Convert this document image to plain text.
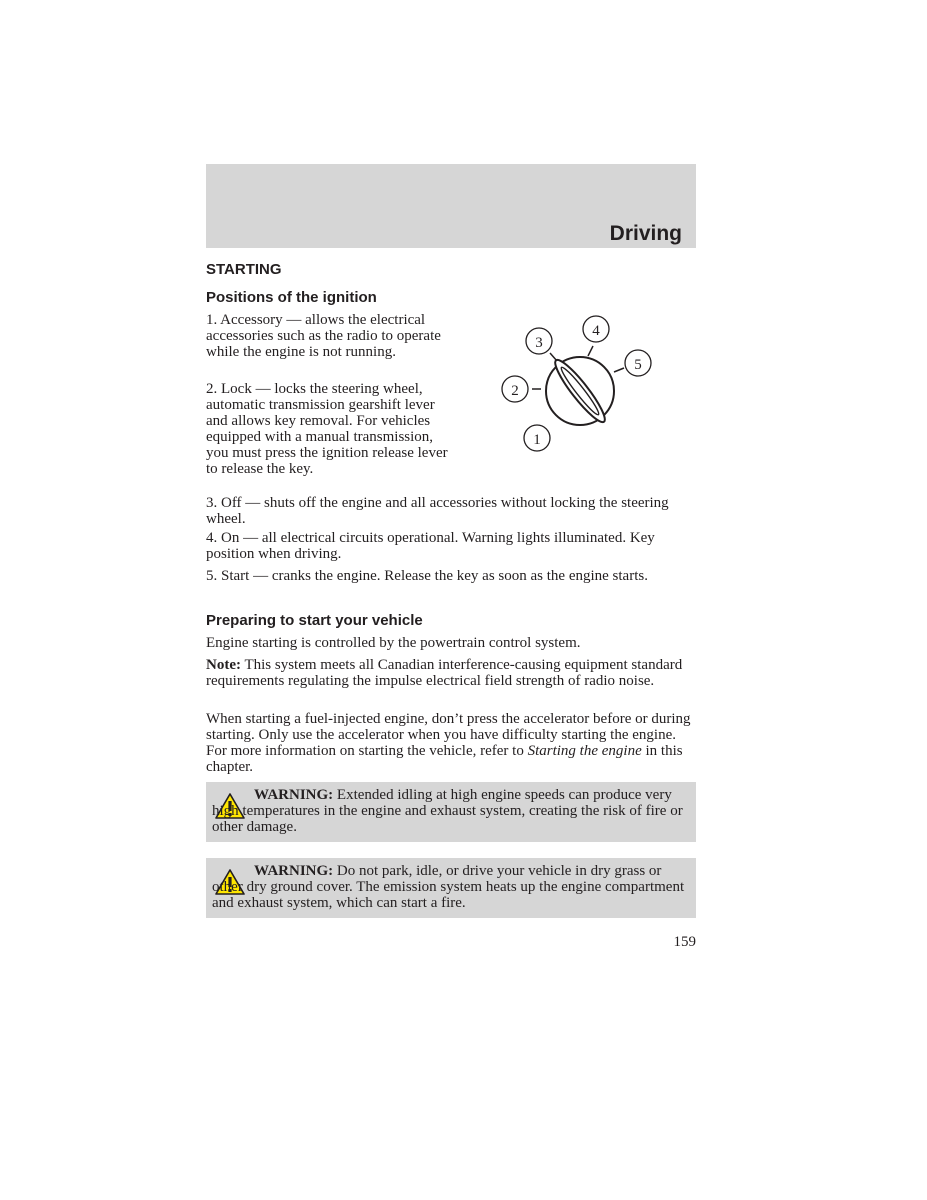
Driving
STARTING
Positions of the ignition

1. Accessory — allows the electrical accessories such as the radio to operate while the engine is not running.

2. Lock — locks the steering wheel, automatic transmission gearshift lever and allows key removal. For vehicles equipped with a manual transmission, you must press the ignition release lever to release the key.

1
2
3
4
5

3. Off — shuts off the engine and all accessories without locking the steering wheel.

4. On — all electrical circuits operational. Warning lights illuminated. Key position when driving.

5. Start — cranks the engine. Release the key as soon as the engine starts.

Preparing to start your vehicle

Engine starting is controlled by the powertrain control system.

Note: This system meets all Canadian interference-causing equipment standard requirements regulating the impulse electrical field strength of radio noise.

When starting a fuel-injected engine, don’t press the accelerator before or during starting. Only use the accelerator when you have difficulty starting the engine. For more information on starting the vehicle, refer to Starting the engine in this chapter.

WARNING: Extended idling at high engine speeds can produce very high temperatures in the engine and exhaust system, creating the risk of fire or other damage.

WARNING: Do not park, idle, or drive your vehicle in dry grass or other dry ground cover. The emission system heats up the engine compartment and exhaust system, which can start a fire.

159
